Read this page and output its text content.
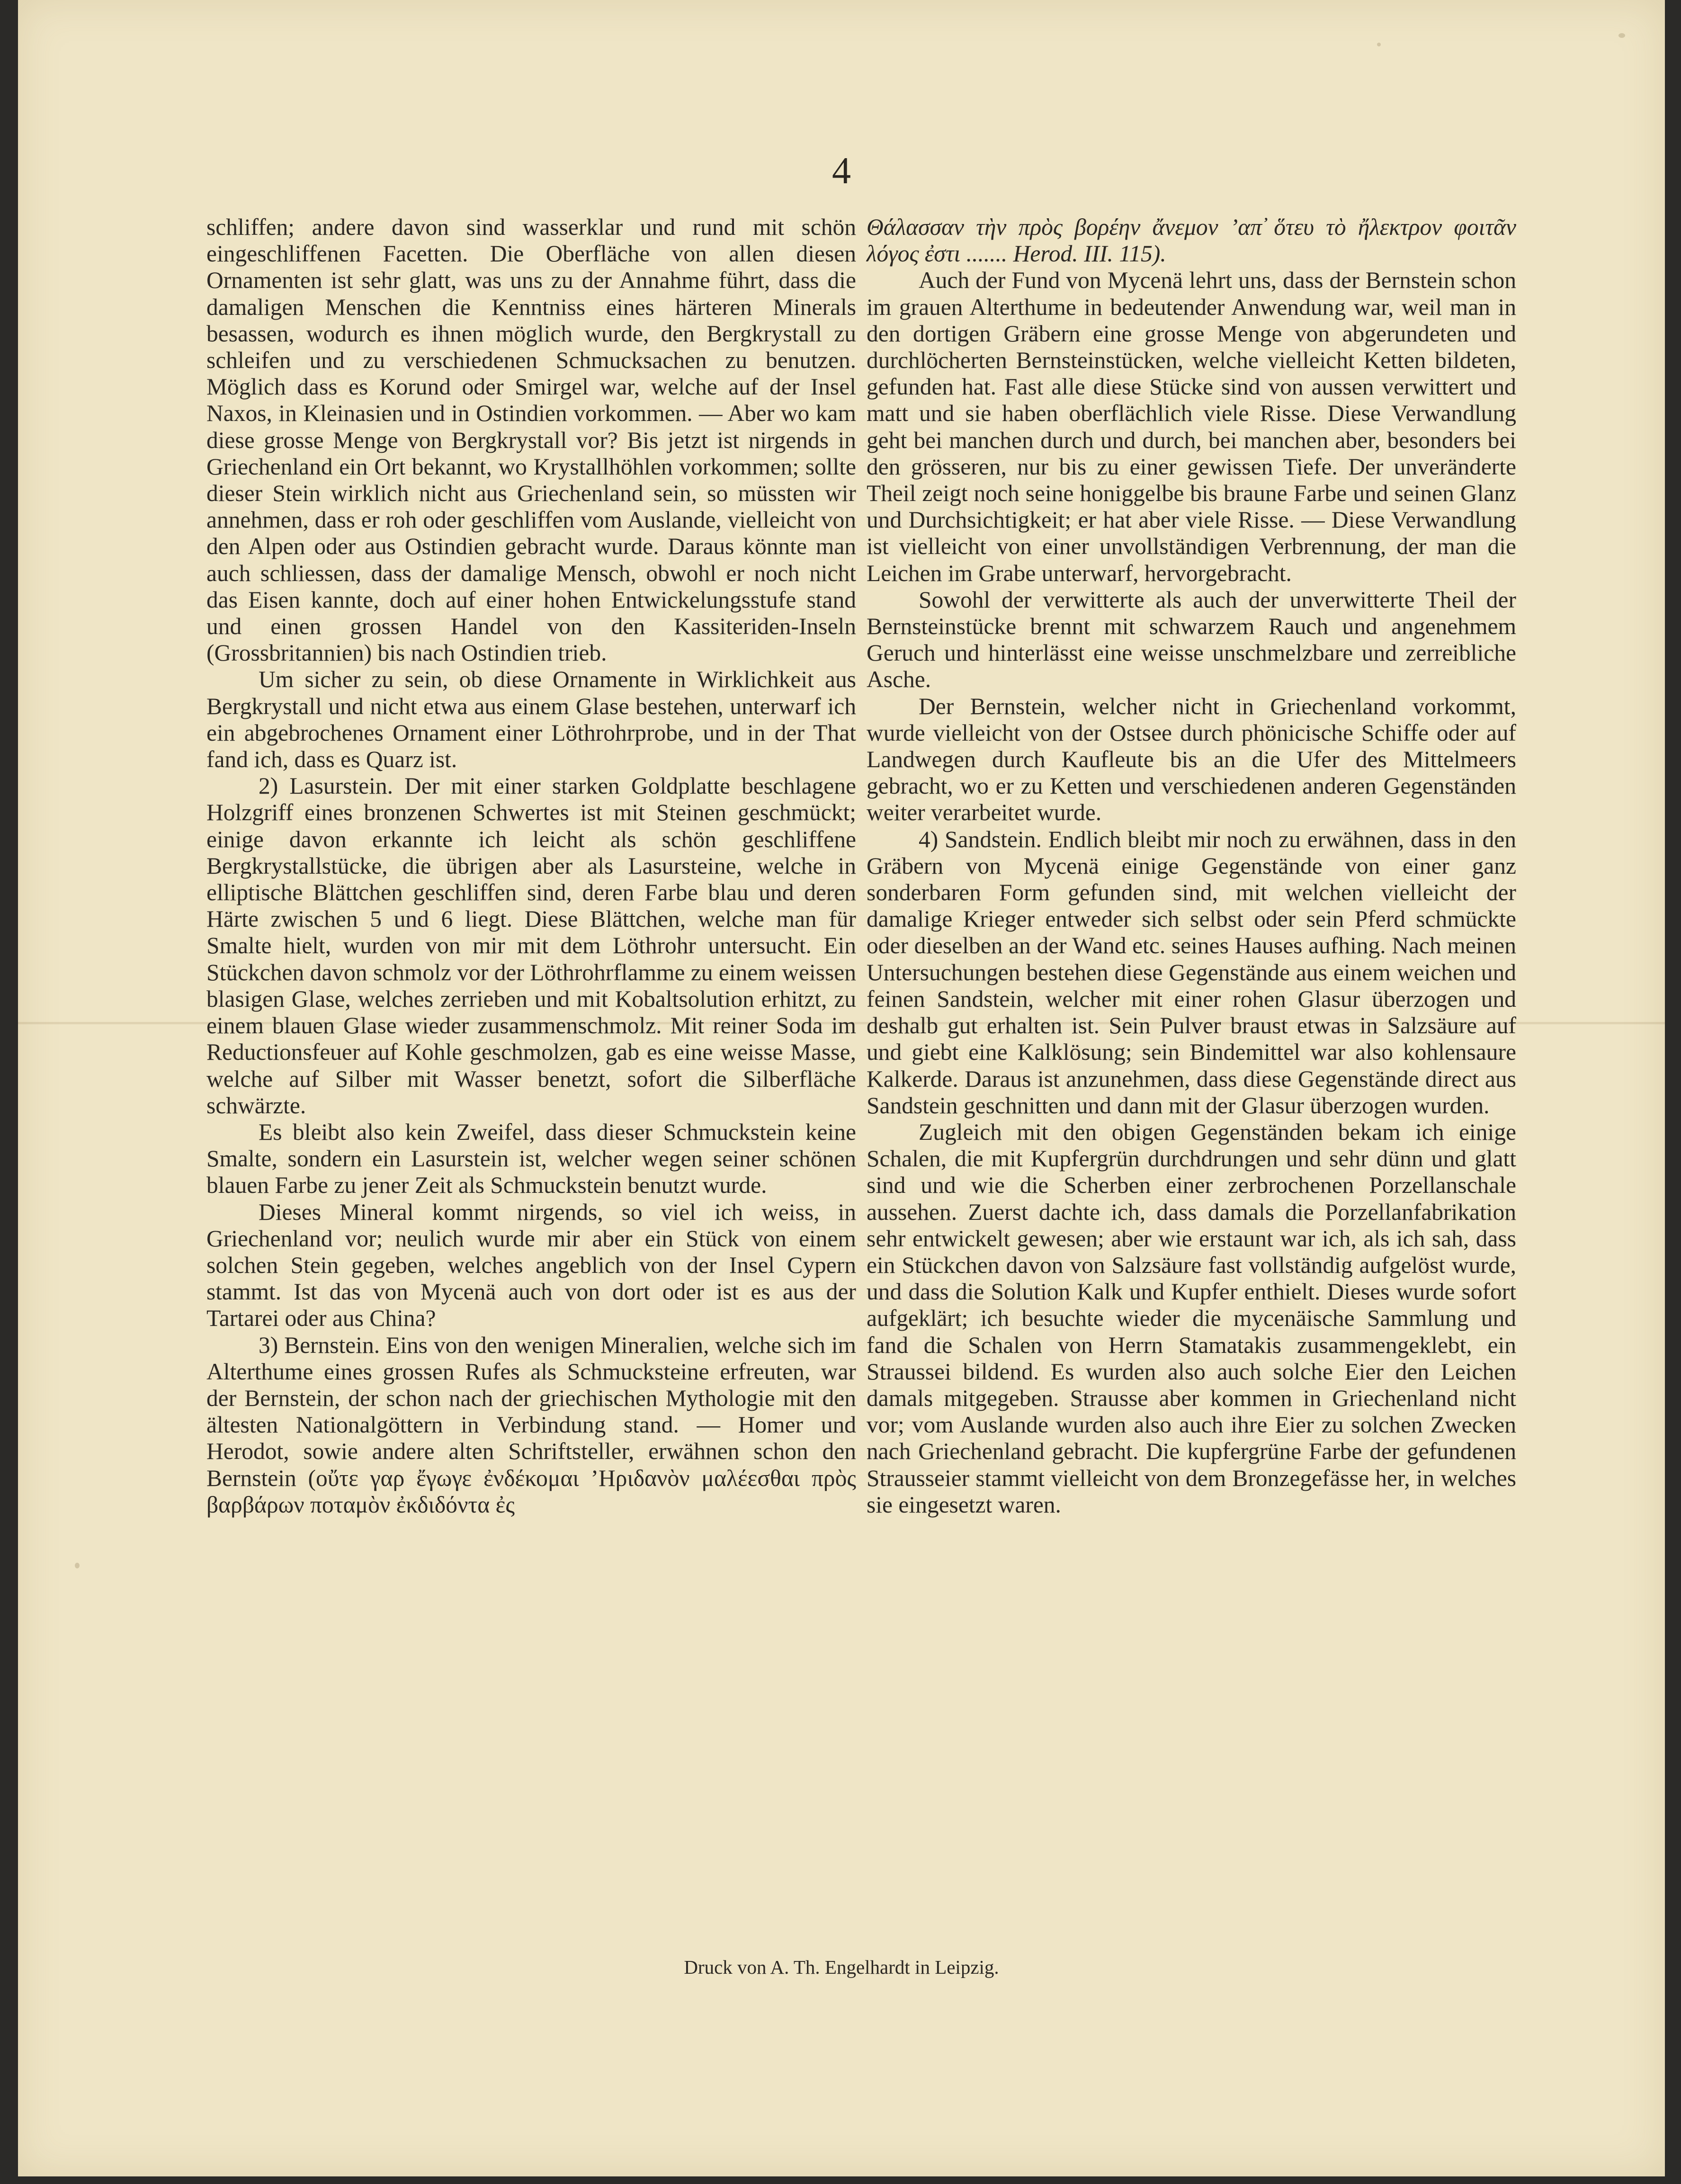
4

schliffen; andere davon sind wasserklar und rund mit schön eingeschliffenen Facetten. Die Oberfläche von allen diesen Ornamenten ist sehr glatt, was uns zu der Annahme führt, dass die damaligen Menschen die Kenntniss eines härteren Minerals besassen, wodurch es ihnen möglich wurde, den Bergkrystall zu schleifen und zu verschiedenen Schmucksachen zu benutzen. Möglich dass es Korund oder Smirgel war, welche auf der Insel Naxos, in Kleinasien und in Ostindien vorkommen. — Aber wo kam diese grosse Menge von Bergkrystall vor? Bis jetzt ist nirgends in Griechenland ein Ort bekannt, wo Krystallhöhlen vorkommen; sollte dieser Stein wirklich nicht aus Griechenland sein, so müssten wir annehmen, dass er roh oder geschliffen vom Auslande, vielleicht von den Alpen oder aus Ostindien gebracht wurde. Daraus könnte man auch schliessen, dass der damalige Mensch, obwohl er noch nicht das Eisen kannte, doch auf einer hohen Entwickelungsstufe stand und einen grossen Handel von den Kassiteriden-Inseln (Grossbritannien) bis nach Ostindien trieb.

Um sicher zu sein, ob diese Ornamente in Wirklichkeit aus Bergkrystall und nicht etwa aus einem Glase bestehen, unterwarf ich ein abgebrochenes Ornament einer Löthrohrprobe, und in der That fand ich, dass es Quarz ist.

2) Lasurstein. Der mit einer starken Goldplatte beschlagene Holzgriff eines bronzenen Schwertes ist mit Steinen geschmückt; einige davon erkannte ich leicht als schön geschliffene Bergkrystallstücke, die übrigen aber als Lasursteine, welche in elliptische Blättchen geschliffen sind, deren Farbe blau und deren Härte zwischen 5 und 6 liegt. Diese Blättchen, welche man für Smalte hielt, wurden von mir mit dem Löthrohr untersucht. Ein Stückchen davon schmolz vor der Löthrohrflamme zu einem weissen blasigen Glase, welches zerrieben und mit Kobaltsolution erhitzt, zu einem blauen Glase wieder zusammenschmolz. Mit reiner Soda im Reductionsfeuer auf Kohle geschmolzen, gab es eine weisse Masse, welche auf Silber mit Wasser benetzt, sofort die Silberfläche schwärzte.

Es bleibt also kein Zweifel, dass dieser Schmuckstein keine Smalte, sondern ein Lasurstein ist, welcher wegen seiner schönen blauen Farbe zu jener Zeit als Schmuckstein benutzt wurde.

Dieses Mineral kommt nirgends, so viel ich weiss, in Griechenland vor; neulich wurde mir aber ein Stück von einem solchen Stein gegeben, welches angeblich von der Insel Cypern stammt. Ist das von Mycenä auch von dort oder ist es aus der Tartarei oder aus China?

3) Bernstein. Eins von den wenigen Mineralien, welche sich im Alterthume eines grossen Rufes als Schmucksteine erfreuten, war der Bernstein, der schon nach der griechischen Mythologie mit den ältesten Nationalgöttern in Verbindung stand. — Homer und Herodot, sowie andere alten Schriftsteller, erwähnen schon den Bernstein (οὔτε γαρ ἔγωγε ἐνδέκομαι ’Ηριδανὸν μαλέεσθαι πρὸς βαρβάρων ποταμὸν ἐκδιδόντα ἐς

Θάλασσαν τὴν πρὸς βορέην ἄνεμον ’απ̕ ὅτευ τὸ ἤλεκτρον φοιτᾶν λόγος ἐστι ....... Herod. III. 115).

Auch der Fund von Mycenä lehrt uns, dass der Bernstein schon im grauen Alterthume in bedeutender Anwendung war, weil man in den dortigen Gräbern eine grosse Menge von abgerundeten und durchlöcherten Bernsteinstücken, welche vielleicht Ketten bildeten, gefunden hat. Fast alle diese Stücke sind von aussen verwittert und matt und sie haben oberflächlich viele Risse. Diese Verwandlung geht bei manchen durch und durch, bei manchen aber, besonders bei den grösseren, nur bis zu einer gewissen Tiefe. Der unveränderte Theil zeigt noch seine honiggelbe bis braune Farbe und seinen Glanz und Durchsichtigkeit; er hat aber viele Risse. — Diese Verwandlung ist vielleicht von einer unvollständigen Verbrennung, der man die Leichen im Grabe unterwarf, hervorgebracht.

Sowohl der verwitterte als auch der unverwitterte Theil der Bernsteinstücke brennt mit schwarzem Rauch und angenehmem Geruch und hinterlässt eine weisse unschmelzbare und zerreibliche Asche.

Der Bernstein, welcher nicht in Griechenland vorkommt, wurde vielleicht von der Ostsee durch phönicische Schiffe oder auf Landwegen durch Kaufleute bis an die Ufer des Mittelmeers gebracht, wo er zu Ketten und verschiedenen anderen Gegenständen weiter verarbeitet wurde.

4) Sandstein. Endlich bleibt mir noch zu erwähnen, dass in den Gräbern von Mycenä einige Gegenstände von einer ganz sonderbaren Form gefunden sind, mit welchen vielleicht der damalige Krieger entweder sich selbst oder sein Pferd schmückte oder dieselben an der Wand etc. seines Hauses aufhing. Nach meinen Untersuchungen bestehen diese Gegenstände aus einem weichen und feinen Sandstein, welcher mit einer rohen Glasur überzogen und deshalb gut erhalten ist. Sein Pulver braust etwas in Salzsäure auf und giebt eine Kalklösung; sein Bindemittel war also kohlensaure Kalkerde. Daraus ist anzunehmen, dass diese Gegenstände direct aus Sandstein geschnitten und dann mit der Glasur überzogen wurden.

Zugleich mit den obigen Gegenständen bekam ich einige Schalen, die mit Kupfergrün durchdrungen und sehr dünn und glatt sind und wie die Scherben einer zerbrochenen Porzellanschale aussehen. Zuerst dachte ich, dass damals die Porzellanfabrikation sehr entwickelt gewesen; aber wie erstaunt war ich, als ich sah, dass ein Stückchen davon von Salzsäure fast vollständig aufgelöst wurde, und dass die Solution Kalk und Kupfer enthielt. Dieses wurde sofort aufgeklärt; ich besuchte wieder die mycenäische Sammlung und fand die Schalen von Herrn Stamatakis zusammengeklebt, ein Straussei bildend. Es wurden also auch solche Eier den Leichen damals mitgegeben. Strausse aber kommen in Griechenland nicht vor; vom Auslande wurden also auch ihre Eier zu solchen Zwecken nach Griechenland gebracht. Die kupfergrüne Farbe der gefundenen Strausseier stammt vielleicht von dem Bronzegefässe her, in welches sie eingesetzt waren.

Druck von A. Th. Engelhardt in Leipzig.
